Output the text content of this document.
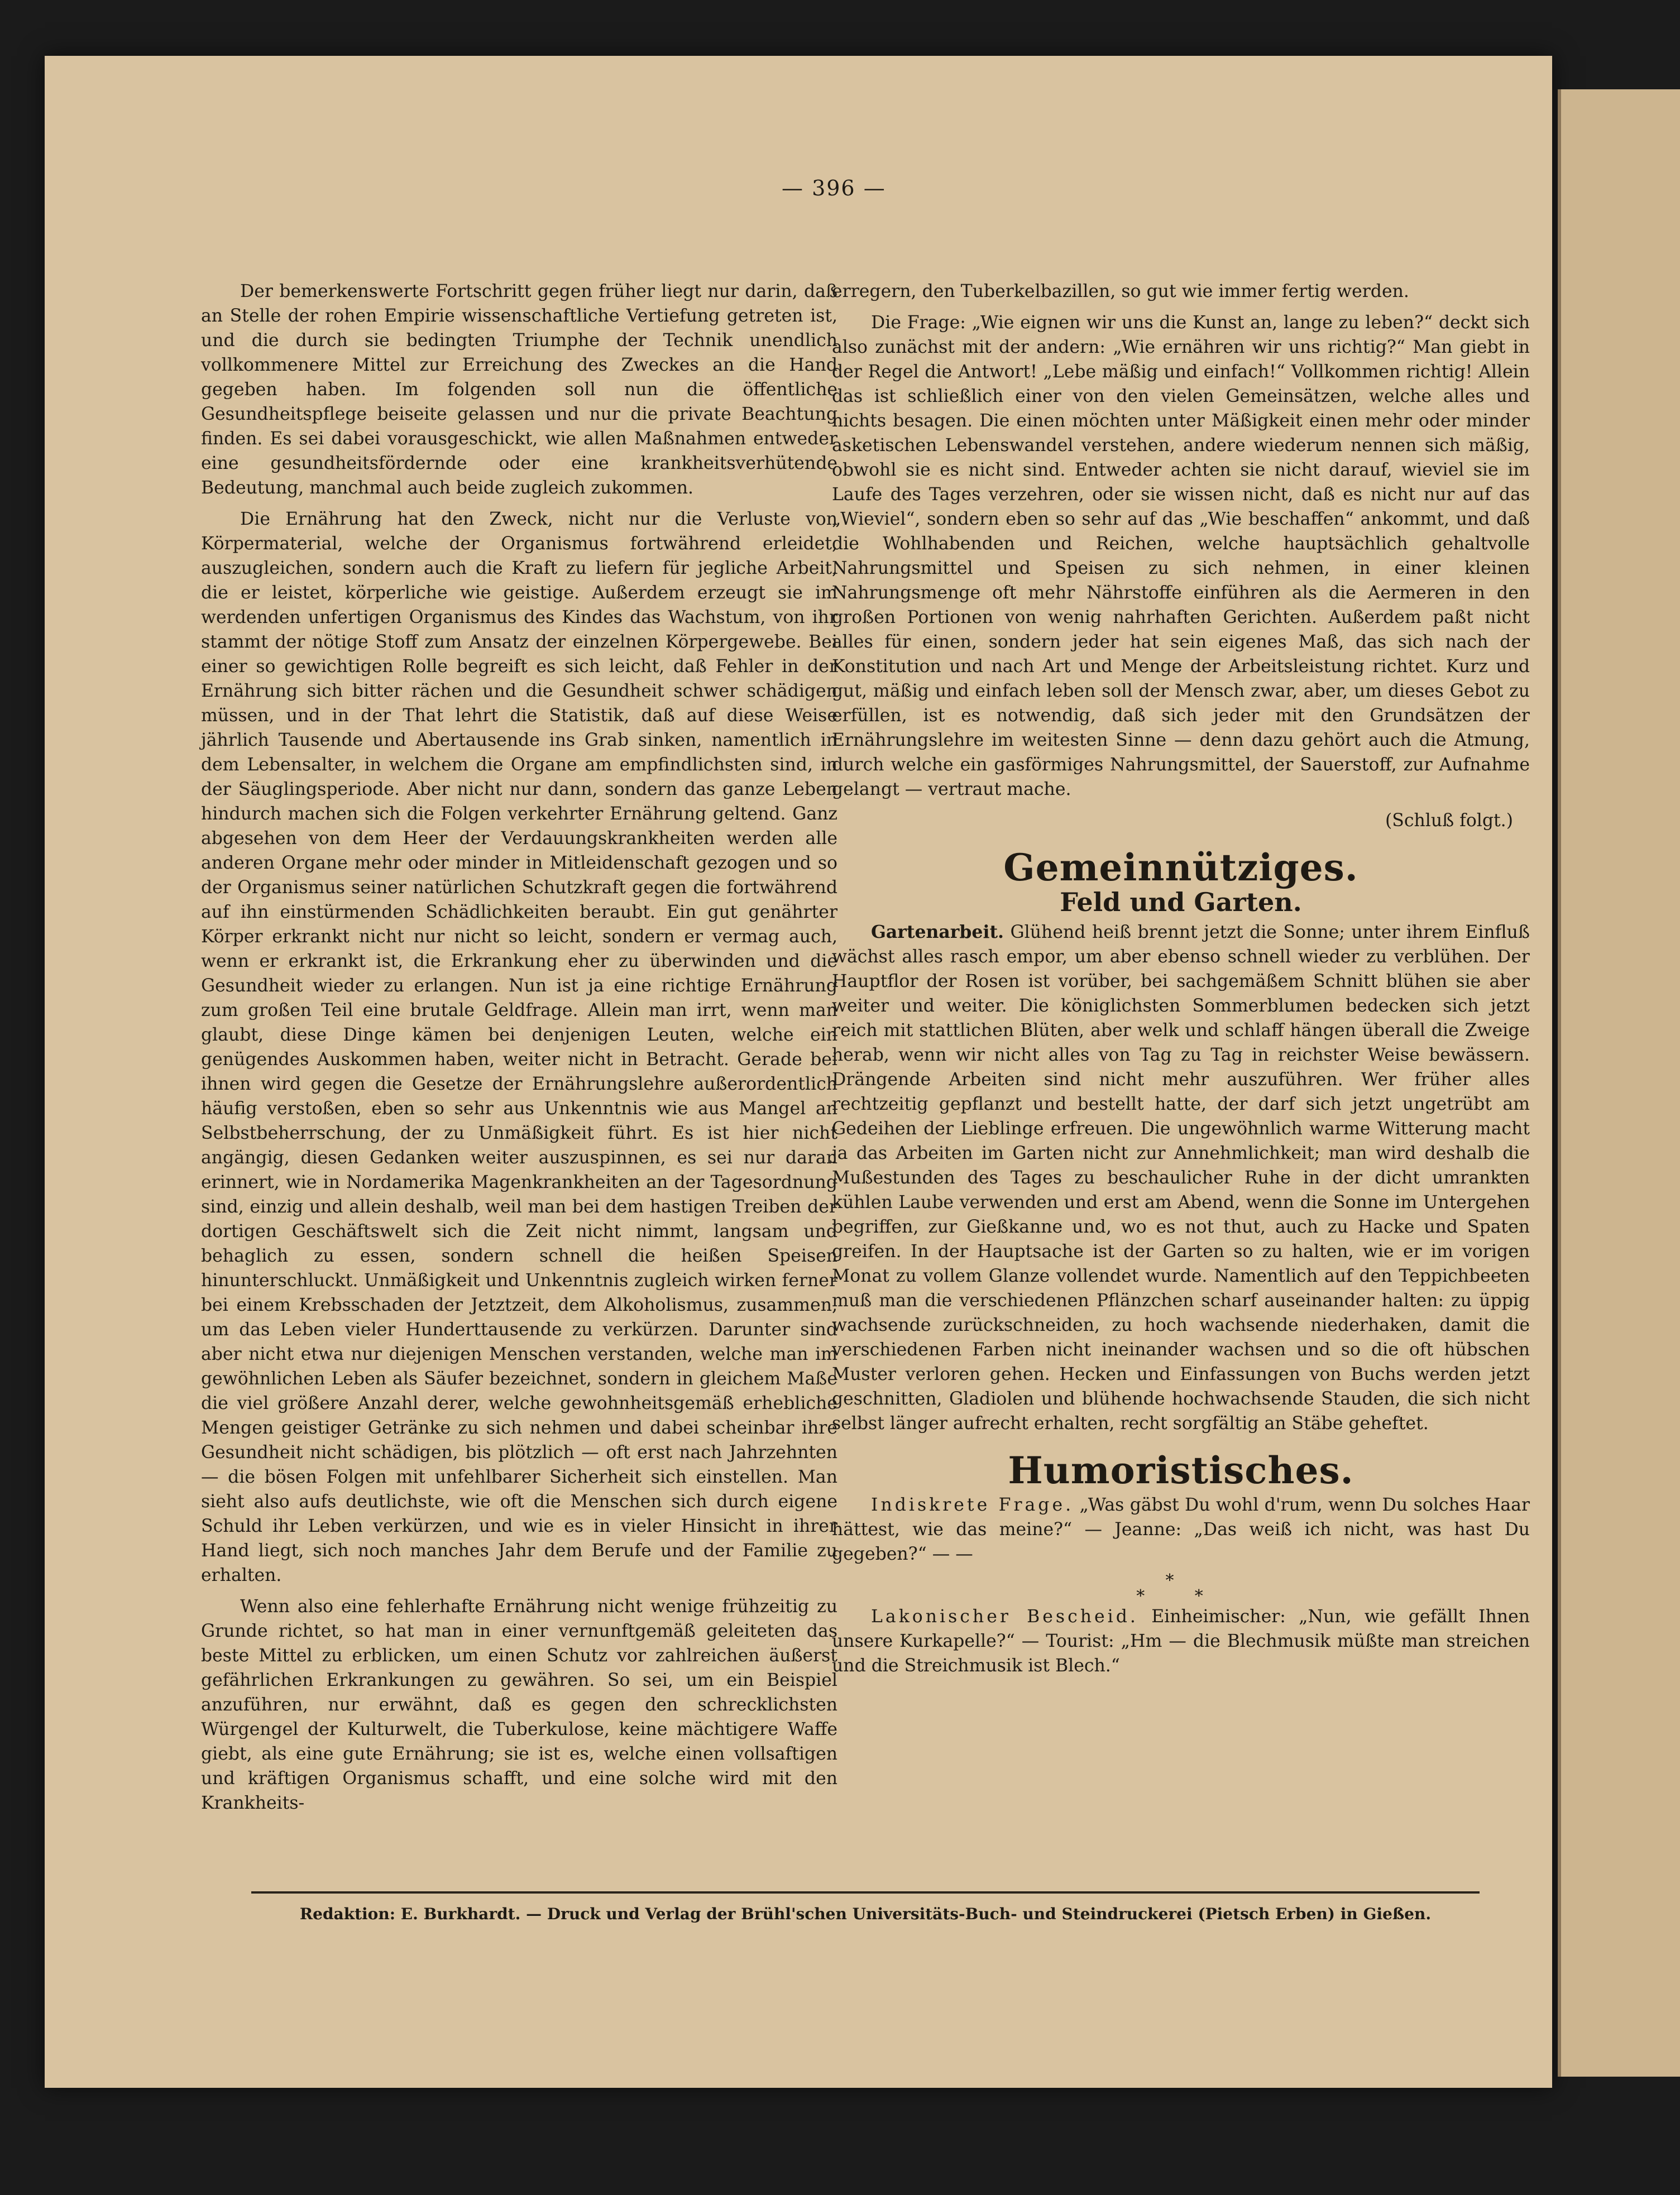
— 396 —

Der bemerkenswerte Fortschritt gegen früher liegt nur darin, daß an Stelle der rohen Empirie wissenschaftliche Vertiefung getreten ist, und die durch sie bedingten Triumphe der Technik unendlich vollkommenere Mittel zur Erreichung des Zweckes an die Hand gegeben haben. Im folgenden soll nun die öffentliche Gesundheitspflege beiseite gelassen und nur die private Beachtung finden. Es sei dabei vorausgeschickt, wie allen Maßnahmen entweder eine gesundheitsfördernde oder eine krankheitsverhütende Bedeutung, manchmal auch beide zugleich zukommen.

Die Ernährung hat den Zweck, nicht nur die Verluste von Körpermaterial, welche der Organismus fortwährend erleidet, auszugleichen, sondern auch die Kraft zu liefern für jegliche Arbeit, die er leistet, körperliche wie geistige. Außerdem erzeugt sie im werdenden unfertigen Organismus des Kindes das Wachstum, von ihr stammt der nötige Stoff zum Ansatz der einzelnen Körpergewebe. Bei einer so gewichtigen Rolle begreift es sich leicht, daß Fehler in der Ernährung sich bitter rächen und die Gesundheit schwer schädigen müssen, und in der That lehrt die Statistik, daß auf diese Weise jährlich Tausende und Abertausende ins Grab sinken, namentlich in dem Lebensalter, in welchem die Organe am empfindlichsten sind, in der Säuglingsperiode. Aber nicht nur dann, sondern das ganze Leben hindurch machen sich die Folgen verkehrter Ernährung geltend. Ganz abgesehen von dem Heer der Verdauungskrankheiten werden alle anderen Organe mehr oder minder in Mitleidenschaft gezogen und so der Organismus seiner natürlichen Schutzkraft gegen die fortwährend auf ihn einstürmenden Schädlichkeiten beraubt. Ein gut genährter Körper erkrankt nicht nur nicht so leicht, sondern er vermag auch, wenn er erkrankt ist, die Erkrankung eher zu überwinden und die Gesundheit wieder zu erlangen. Nun ist ja eine richtige Ernährung zum großen Teil eine brutale Geldfrage. Allein man irrt, wenn man glaubt, diese Dinge kämen bei denjenigen Leuten, welche ein genügendes Auskommen haben, weiter nicht in Betracht. Gerade bei ihnen wird gegen die Gesetze der Ernährungslehre außerordentlich häufig verstoßen, eben so sehr aus Unkenntnis wie aus Mangel an Selbstbeherrschung, der zu Unmäßigkeit führt. Es ist hier nicht angängig, diesen Gedanken weiter auszuspinnen, es sei nur daran erinnert, wie in Nordamerika Magenkrankheiten an der Tagesordnung sind, einzig und allein deshalb, weil man bei dem hastigen Treiben der dortigen Geschäftswelt sich die Zeit nicht nimmt, langsam und behaglich zu essen, sondern schnell die heißen Speisen hinunterschluckt. Unmäßigkeit und Unkenntnis zugleich wirken ferner bei einem Krebsschaden der Jetztzeit, dem Alkoholismus, zusammen, um das Leben vieler Hunderttausende zu verkürzen. Darunter sind aber nicht etwa nur diejenigen Menschen verstanden, welche man im gewöhnlichen Leben als Säufer bezeichnet, sondern in gleichem Maße die viel größere Anzahl derer, welche gewohnheitsgemäß erhebliche Mengen geistiger Getränke zu sich nehmen und dabei scheinbar ihre Gesundheit nicht schädigen, bis plötzlich — oft erst nach Jahrzehnten — die bösen Folgen mit unfehlbarer Sicherheit sich einstellen. Man sieht also aufs deutlichste, wie oft die Menschen sich durch eigene Schuld ihr Leben verkürzen, und wie es in vieler Hinsicht in ihrer Hand liegt, sich noch manches Jahr dem Berufe und der Familie zu erhalten.

Wenn also eine fehlerhafte Ernährung nicht wenige frühzeitig zu Grunde richtet, so hat man in einer vernunftgemäß geleiteten das beste Mittel zu erblicken, um einen Schutz vor zahlreichen äußerst gefährlichen Erkrankungen zu gewähren. So sei, um ein Beispiel anzuführen, nur erwähnt, daß es gegen den schrecklichsten Würgengel der Kulturwelt, die Tuberkulose, keine mächtigere Waffe giebt, als eine gute Ernährung; sie ist es, welche einen vollsaftigen und kräftigen Organismus schafft, und eine solche wird mit den Krankheits-

erregern, den Tuberkelbazillen, so gut wie immer fertig werden.

Die Frage: „Wie eignen wir uns die Kunst an, lange zu leben?“ deckt sich also zunächst mit der andern: „Wie ernähren wir uns richtig?“ Man giebt in der Regel die Antwort! „Lebe mäßig und einfach!“ Vollkommen richtig! Allein das ist schließlich einer von den vielen Gemeinsätzen, welche alles und nichts besagen. Die einen möchten unter Mäßigkeit einen mehr oder minder asketischen Lebenswandel verstehen, andere wiederum nennen sich mäßig, obwohl sie es nicht sind. Entweder achten sie nicht darauf, wieviel sie im Laufe des Tages verzehren, oder sie wissen nicht, daß es nicht nur auf das „Wieviel“, sondern eben so sehr auf das „Wie beschaffen“ ankommt, und daß die Wohlhabenden und Reichen, welche hauptsächlich gehaltvolle Nahrungsmittel und Speisen zu sich nehmen, in einer kleinen Nahrungsmenge oft mehr Nährstoffe einführen als die Aermeren in den großen Portionen von wenig nahrhaften Gerichten. Außerdem paßt nicht alles für einen, sondern jeder hat sein eigenes Maß, das sich nach der Konstitution und nach Art und Menge der Arbeitsleistung richtet. Kurz und gut, mäßig und einfach leben soll der Mensch zwar, aber, um dieses Gebot zu erfüllen, ist es notwendig, daß sich jeder mit den Grundsätzen der Ernährungslehre im weitesten Sinne — denn dazu gehört auch die Atmung, durch welche ein gasförmiges Nahrungsmittel, der Sauerstoff, zur Aufnahme gelangt — vertraut mache.

(Schluß folgt.)

Gemeinnütziges.
Feld und Garten.

Gartenarbeit. Glühend heiß brennt jetzt die Sonne; unter ihrem Einfluß wächst alles rasch empor, um aber ebenso schnell wieder zu verblühen. Der Hauptflor der Rosen ist vorüber, bei sachgemäßem Schnitt blühen sie aber weiter und weiter. Die königlichsten Sommerblumen bedecken sich jetzt reich mit stattlichen Blüten, aber welk und schlaff hängen überall die Zweige herab, wenn wir nicht alles von Tag zu Tag in reichster Weise bewässern. Drängende Arbeiten sind nicht mehr auszuführen. Wer früher alles rechtzeitig gepflanzt und bestellt hatte, der darf sich jetzt ungetrübt am Gedeihen der Lieblinge erfreuen. Die ungewöhnlich warme Witterung macht ja das Arbeiten im Garten nicht zur Annehmlichkeit; man wird deshalb die Mußestunden des Tages zu beschaulicher Ruhe in der dicht umrankten kühlen Laube verwenden und erst am Abend, wenn die Sonne im Untergehen begriffen, zur Gießkanne und, wo es not thut, auch zu Hacke und Spaten greifen. In der Hauptsache ist der Garten so zu halten, wie er im vorigen Monat zu vollem Glanze vollendet wurde. Namentlich auf den Teppichbeeten muß man die verschiedenen Pflänzchen scharf auseinander halten: zu üppig wachsende zurückschneiden, zu hoch wachsende niederhaken, damit die verschiedenen Farben nicht ineinander wachsen und so die oft hübschen Muster verloren gehen. Hecken und Einfassungen von Buchs werden jetzt geschnitten, Gladiolen und blühende hochwachsende Stauden, die sich nicht selbst länger aufrecht erhalten, recht sorgfältig an Stäbe geheftet.

Humoristisches.

Indiskrete Frage. „Was gäbst Du wohl d'rum, wenn Du solches Haar hättest, wie das meine?“ — Jeanne: „Das weiß ich nicht, was hast Du gegeben?“ — —

*
* *

Lakonischer Bescheid. Einheimischer: „Nun, wie gefällt Ihnen unsere Kurkapelle?“ — Tourist: „Hm — die Blechmusik müßte man streichen und die Streichmusik ist Blech.“

Redaktion: E. Burkhardt. — Druck und Verlag der Brühl'schen Universitäts-Buch- und Steindruckerei (Pietsch Erben) in Gießen.
